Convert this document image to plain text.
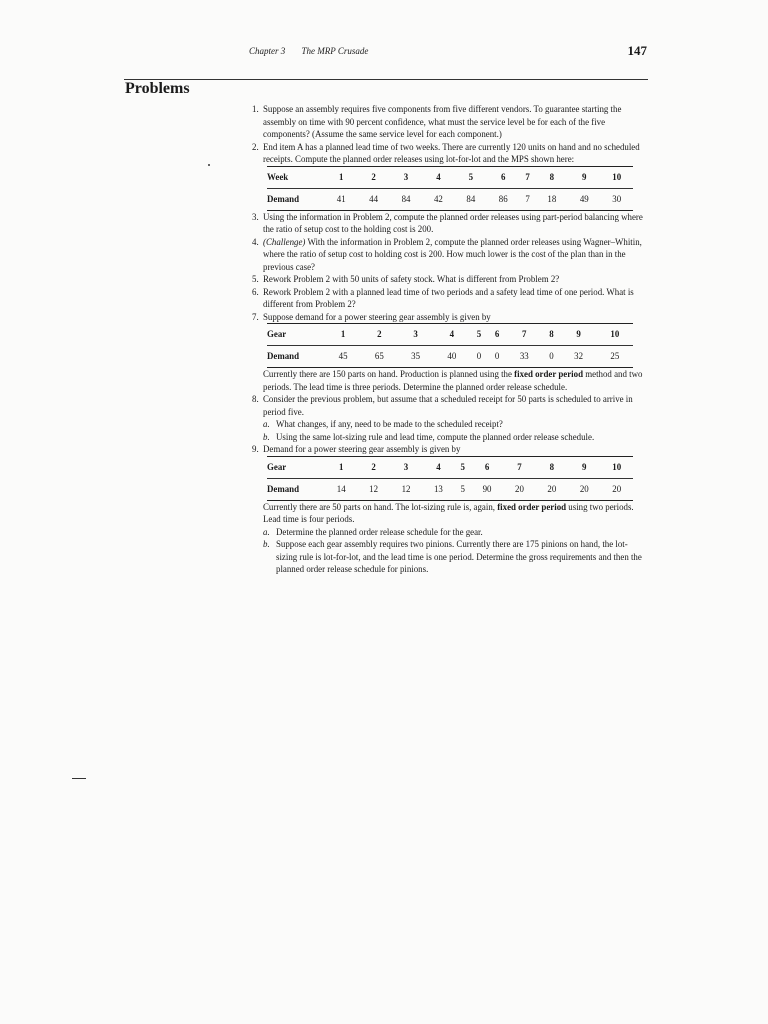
Chapter 3 The MRP Crusade	147
Problems
1. Suppose an assembly requires five components from five different vendors. To guarantee starting the assembly on time with 90 percent confidence, what must the service level be for each of the five components? (Assume the same service level for each component.)
2. End item A has a planned lead time of two weeks. There are currently 120 units on hand and no scheduled receipts. Compute the planned order releases using lot-for-lot and the MPS shown here:
Week	1	2	3	4	5	6	7	8	9	10
Demand	41	44	84	42	84	86	7	18	49	30
3. Using the information in Problem 2, compute the planned order releases using part-period balancing where the ratio of setup cost to the holding cost is 200.
4. (Challenge) With the information in Problem 2, compute the planned order releases using Wagner–Whitin, where the ratio of setup cost to holding cost is 200. How much lower is the cost of the plan than in the previous case?
5. Rework Problem 2 with 50 units of safety stock. What is different from Problem 2?
6. Rework Problem 2 with a planned lead time of two periods and a safety lead time of one period. What is different from Problem 2?
7. Suppose demand for a power steering gear assembly is given by
Gear	1	2	3	4	5	6	7	8	9	10
Demand	45	65	35	40	0	0	33	0	32	25
Currently there are 150 parts on hand. Production is planned using the fixed order period method and two periods. The lead time is three periods. Determine the planned order release schedule.
8. Consider the previous problem, but assume that a scheduled receipt for 50 parts is scheduled to arrive in period five.
a. What changes, if any, need to be made to the scheduled receipt?
b. Using the same lot-sizing rule and lead time, compute the planned order release schedule.
9. Demand for a power steering gear assembly is given by
Gear	1	2	3	4	5	6	7	8	9	10
Demand	14	12	12	13	5	90	20	20	20	20
Currently there are 50 parts on hand. The lot-sizing rule is, again, fixed order period using two periods. Lead time is four periods.
a. Determine the planned order release schedule for the gear.
b. Suppose each gear assembly requires two pinions. Currently there are 175 pinions on hand, the lot-sizing rule is lot-for-lot, and the lead time is one period. Determine the gross requirements and then the planned order release schedule for pinions.
